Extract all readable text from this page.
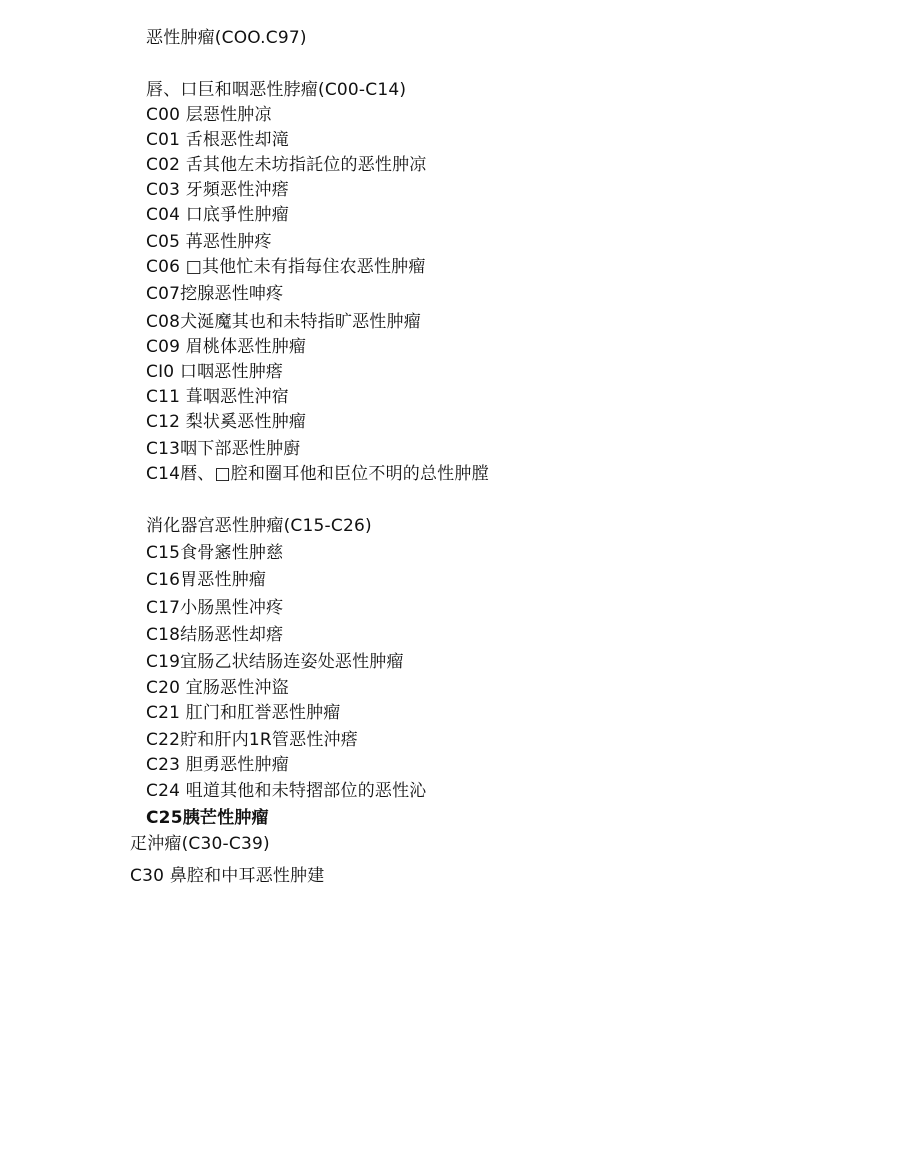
恶性肿瘤(COO.C97)
唇、口巨和咽恶性脖瘤(C00-C14)
C00 层惡性肿凉
C01 舌根恶性却滝
C02 舌其他左未坊指託位的恶性肿凉
C03 牙頻恶性沖瘩
C04 口底爭性肿瘤
C05 苒恶性肿疼
C06 □其他忙未有指每住农恶性肿瘤
C07挖腺恶性呻疼
C08犬涎魔其也和未特指旷恶性肿瘤
C09 眉桃体恶性肿瘤
CI0 口咽恶性肿瘩
C11 葺咽恶性沖宿
C12 梨状奚恶性肿瘤
C13咽下部恶性肿廚
C14暦、□腔和圈耳他和臣位不明的总性肿膛
消化器宫恶性肿瘤(C15-C26)
C15食骨窸性肿慈
C16胃恶性肿瘤
C17小肠黑性冲疼
C18结肠恶性却瘩
C19宜肠乙状结肠连姿处恶性肿瘤
C20 宜肠恶性沖盜
C21 肛门和肛誉恶性肿瘤
C22貯和肝内1R管恶性沖瘩
C23 胆勇恶性肿瘤
C24 咀道其他和未特摺部位的恶性沁
C25胰芒性肿瘤
疋沖瘤(C30-C39)
C30 鼻腔和中耳恶性肿建
